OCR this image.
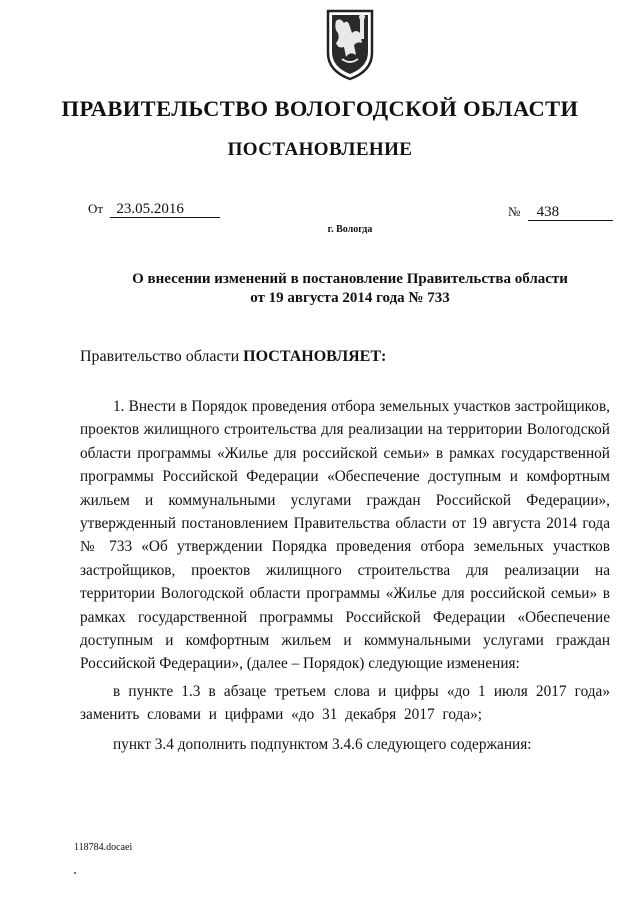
ПРАВИТЕЛЬСТВО ВОЛОГОДСКОЙ ОБЛАСТИ
ПОСТАНОВЛЕНИЕ
От 23.05.2016	№ 438
г. Вологда
О внесении изменений в постановление Правительства области
от 19 августа 2014 года № 733
Правительство области ПОСТАНОВЛЯЕТ:

1. Внести в Порядок проведения отбора земельных участков застройщиков, проектов жилищного строительства для реализации на территории Вологодской области программы «Жилье для российской семьи» в рамках государственной программы Российской Федерации «Обеспечение доступным и комфортным жильем и коммунальными услугами граждан Российской Федерации», утвержденный постановлением Правительства области от 19 августа 2014 года № 733 «Об утверждении Порядка проведения отбора земельных участков застройщиков, проектов жилищного строительства для реализации на территории Вологодской области программы «Жилье для российской семьи» в рамках государственной программы Российской Федерации «Обеспечение доступным и комфортным жильем и коммунальными услугами граждан Российской Федерации», (далее – Порядок) следующие изменения:

в пункте 1.3 в абзаце третьем слова и цифры «до 1 июля 2017 года» заменить словами и цифрами «до 31 декабря 2017 года»;

пункт 3.4 дополнить подпунктом 3.4.6 следующего содержания:

118784.docaei
